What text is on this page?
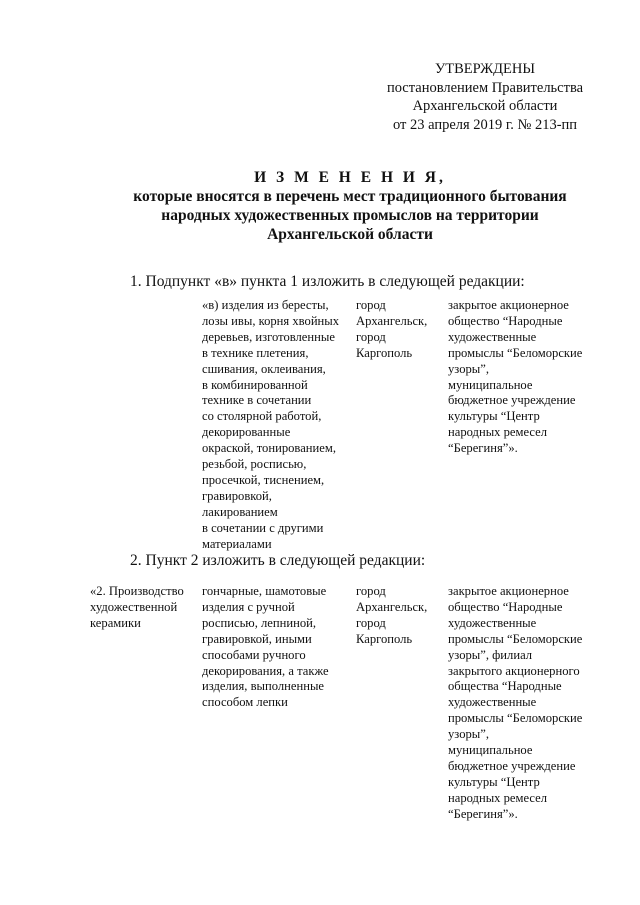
УТВЕРЖДЕНЫ
постановлением Правительства
Архангельской области
от 23 апреля 2019 г. № 213-пп
И З М Е Н Е Н И Я,
которые вносятся в перечень мест традиционного бытования
народных художественных промыслов на территории
Архангельской области
1. Подпункт «в» пункта 1 изложить в следующей редакции:
«в) изделия из бересты,
лозы ивы, корня хвойных
деревьев, изготовленные
в технике плетения,
сшивания, оклеивания,
в комбинированной
технике в сочетании
со столярной работой,
декорированные
окраской, тонированием,
резьбой, росписью,
просечкой, тиснением,
гравировкой,
лакированием
в сочетании с другими
материалами
город
Архангельск,
город
Каргополь
закрытое акционерное
общество “Народные
художественные
промыслы “Беломорские
узоры”,
муниципальное
бюджетное учреждение
культуры “Центр
народных ремесел
“Берегиня”».
2. Пункт 2 изложить в следующей редакции:
«2. Производство
художественной
керамики
гончарные, шамотовые
изделия с ручной
росписью, лепниной,
гравировкой, иными
способами ручного
декорирования, а также
изделия, выполненные
способом лепки
город
Архангельск,
город
Каргополь
закрытое акционерное
общество “Народные
художественные
промыслы “Беломорские
узоры”, филиал
закрытого акционерного
общества “Народные
художественные
промыслы “Беломорские
узоры”,
муниципальное
бюджетное учреждение
культуры “Центр
народных ремесел
“Берегиня”».
